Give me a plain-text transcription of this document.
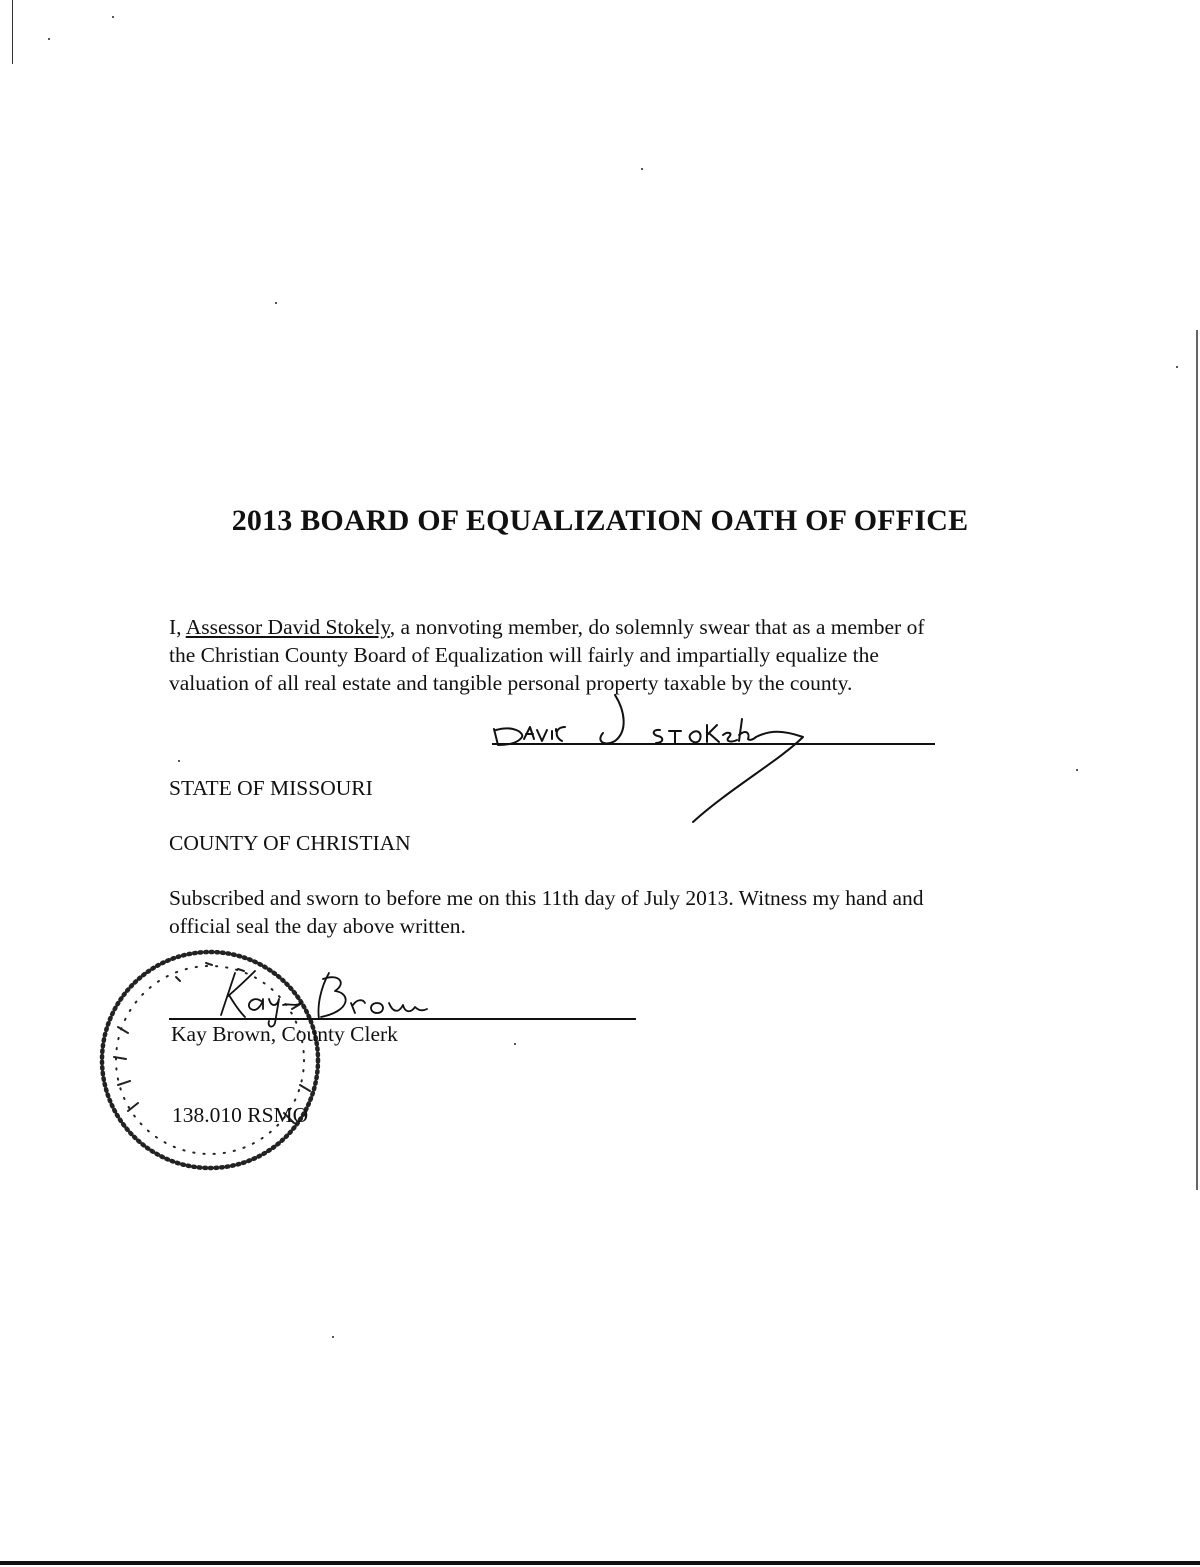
2013 BOARD OF EQUALIZATION OATH OF OFFICE
I, Assessor David Stokely, a nonvoting member, do solemnly swear that as a member of
the Christian County Board of Equalization will fairly and impartially equalize the
valuation of all real estate and tangible personal property taxable by the county.
STATE OF MISSOURI
COUNTY OF CHRISTIAN
Subscribed and sworn to before me on this 11th day of July 2013. Witness my hand and
official seal the day above written.
Kay Brown, County Clerk
138.010 RSMO
